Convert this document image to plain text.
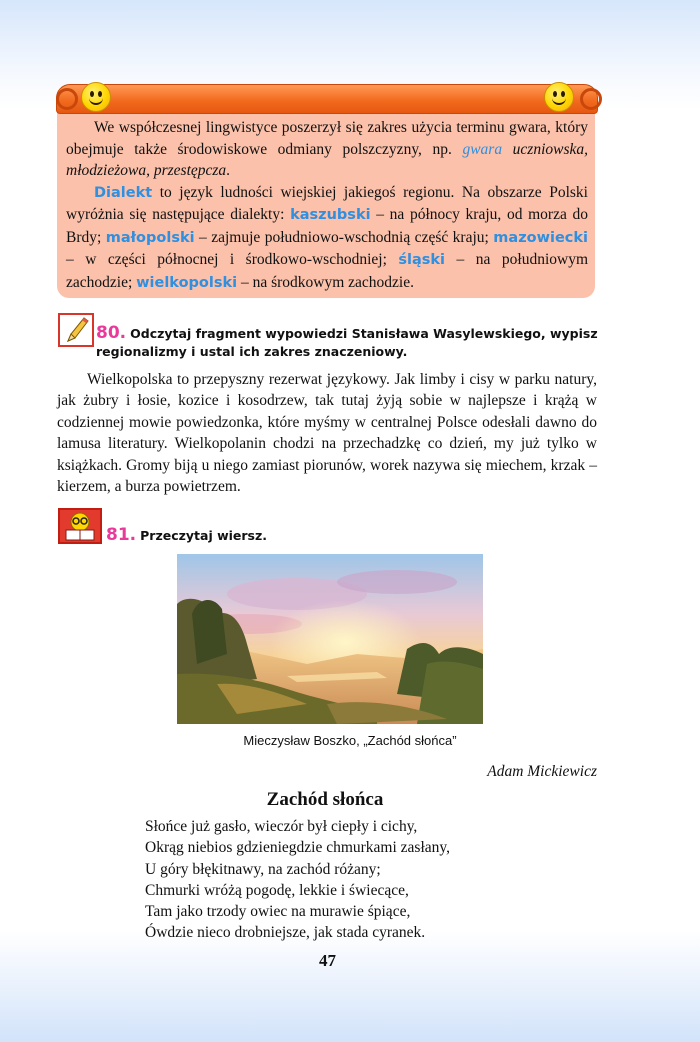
We współczesnej lingwistyce poszerzył się zakres użycia terminu gwara, który obejmuje także środowiskowe odmiany polszczyzny, np. gwara uczniowska, młodzieżowa, przestępcza.

Dialekt to język ludności wiejskiej jakiegoś regionu. Na obszarze Polski wyróżnia się następujące dialekty: kaszubski – na północy kraju, od morza do Brdy; małopolski – zajmuje południowo-wschodnią część kraju; mazowiecki – w części północnej i środkowo-wschodniej; śląski – na południowym zachodzie; wielkopolski – na środkowym zachodzie.

80. Odczytaj fragment wypowiedzi Stanisława Wasylewskiego, wypisz regionalizmy i ustal ich zakres znaczeniowy.

Wielkopolska to przepyszny rezerwat językowy. Jak limby i cisy w parku natury, jak żubry i łosie, kozice i kosodrzew, tak tutaj żyją sobie w najlepsze i krążą w codziennej mowie powiedzonka, które myśmy w centralnej Polsce odesłali dawno do lamusa literatury. Wielkopolanin chodzi na przechadzkę co dzień, my już tylko w książkach. Gromy biją u niego zamiast piorunów, worek nazywa się miechem, krzak – kierzem, a burza powietrzem.

81. Przeczytaj wiersz.
Mieczysław Boszko, „Zachód słońca”
Adam Mickiewicz
Zachód słońca
Słońce już gasło, wieczór był ciepły i cichy,
Okrąg niebios gdzieniegdzie chmurkami zasłany,
U góry błękitnawy, na zachód różany;
Chmurki wróżą pogodę, lekkie i świecące,
Tam jako trzody owiec na murawie śpiące,
Ówdzie nieco drobniejsze, jak stada cyranek.
47
